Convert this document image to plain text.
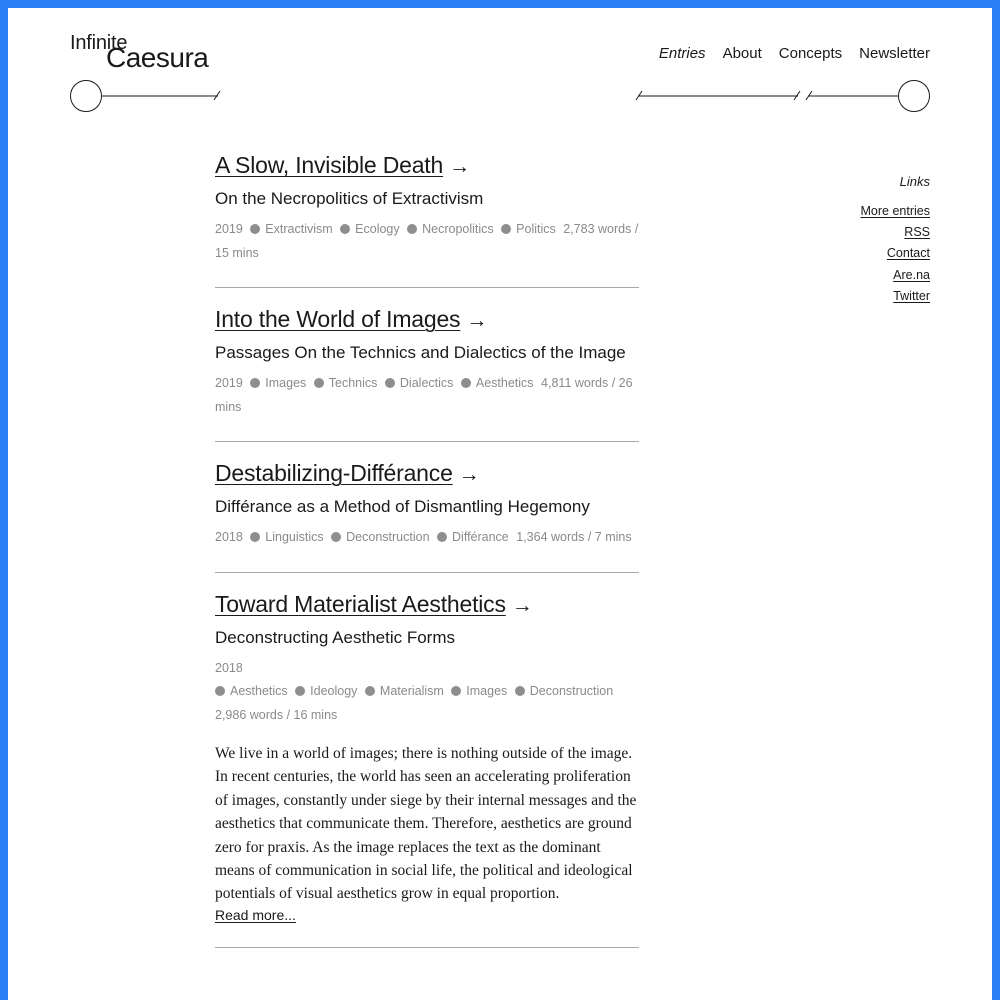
Infinite
Caesura	Entries About Concepts Newsletter
A Slow, Invisible Death →
On the Necropolitics of Extractivism
2019 Extractivism Ecology Necropolitics Politics 2,783 words / 15 mins
Into the World of Images →
Passages On the Technics and Dialectics of the Image
2019 Images Technics Dialectics Aesthetics 4,811 words / 26 mins
Destabilizing-Différance →
Différance as a Method of Dismantling Hegemony
2018 Linguistics Deconstruction Différance 1,364 words / 7 mins
Toward Materialist Aesthetics →
Deconstructing Aesthetic Forms
2018
Aesthetics Ideology Materialism Images Deconstruction
2,986 words / 16 mins

We live in a world of images; there is nothing outside of the image. In recent centuries, the world has seen an accelerating proliferation of images, constantly under siege by their internal messages and the aesthetics that communicate them. Therefore, aesthetics are ground zero for praxis. As the image replaces the text as the dominant means of communication in social life, the political and ideological potentials of visual aesthetics grow in equal proportion.

Read more...
Links
More entries
RSS
Contact
Are.na
Twitter
